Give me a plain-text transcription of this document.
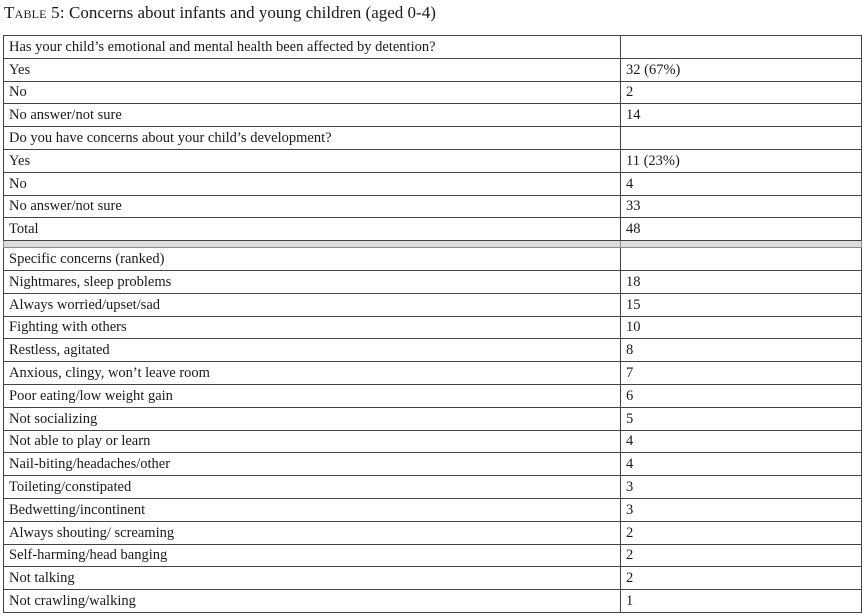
Table 5: Concerns about infants and young children (aged 0-4)
Has your child’s emotional and mental health been affected by detention?	
Yes	32 (67%)
No	2
No answer/not sure	14
Do you have concerns about your child’s development?	
Yes	11 (23%)
No	4
No answer/not sure	33
Total	48

Specific concerns (ranked)	
Nightmares, sleep problems	18
Always worried/upset/sad	15
Fighting with others	10
Restless, agitated	8
Anxious, clingy, won’t leave room	7
Poor eating/low weight gain	6
Not socializing	5
Not able to play or learn	4
Nail-biting/headaches/other	4
Toileting/constipated	3
Bedwetting/incontinent	3
Always shouting/ screaming	2
Self-harming/head banging	2
Not talking	2
Not crawling/walking	1
